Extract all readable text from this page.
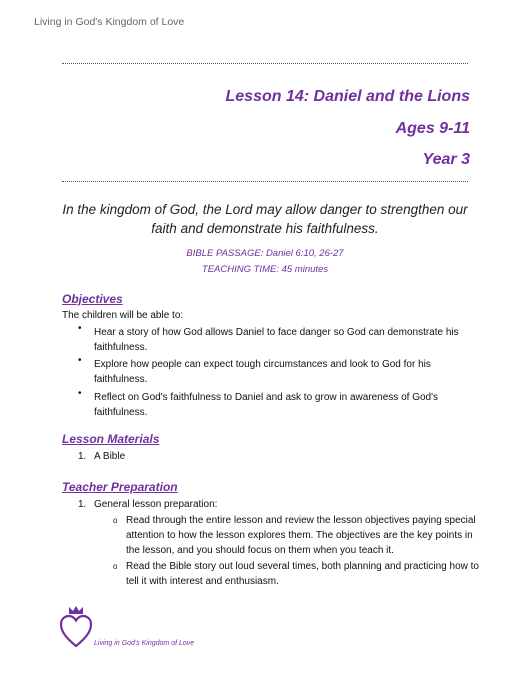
Living in God's Kingdom of Love
Lesson 14: Daniel and the Lions
Ages 9-11
Year 3
In the kingdom of God, the Lord may allow danger to strengthen our
faith and demonstrate his faithfulness.
BIBLE PASSAGE: Daniel 6:10, 26-27
TEACHING TIME: 45 minutes
Objectives
The children will be able to:
• Hear a story of how God allows Daniel to face danger so God can demonstrate his
faithfulness.
• Explore how people can expect tough circumstances and look to God for his
faithfulness.
• Reflect on God's faithfulness to Daniel and ask to grow in awareness of God's
faithfulness.
Lesson Materials
1. A Bible
Teacher Preparation
1. General lesson preparation:
o Read through the entire lesson and review the lesson objectives paying special
attention to how the lesson explores them. The objectives are the key points in
the lesson, and you should focus on them when you teach it.
o Read the Bible story out loud several times, both planning and practicing how to
tell it with interest and enthusiasm.
Living in God's Kingdom of Love
